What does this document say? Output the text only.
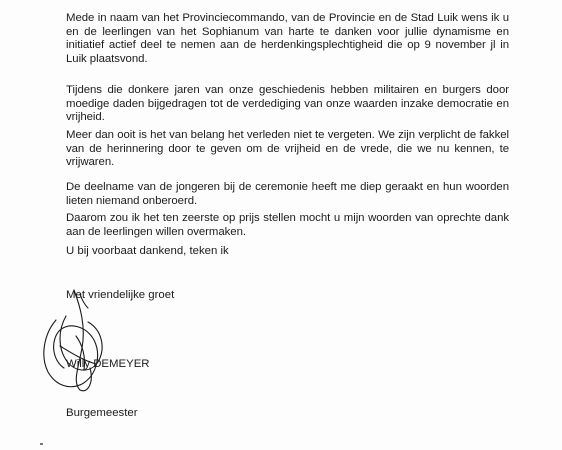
Mede in naam van het Provinciecommando, van de Provincie en de Stad Luik wens ik u en de leerlingen van het Sophianum van harte te danken voor jullie dynamisme en initiatief actief deel te nemen aan de herdenkingsplechtigheid die op 9 november jl in Luik plaatsvond.

Tijdens die donkere jaren van onze geschiedenis hebben militairen en burgers door moedige daden bijgedragen tot de verdediging van onze waarden inzake democratie en vrijheid.

Meer dan ooit is het van belang het verleden niet te vergeten. We zijn verplicht de fakkel van de herinnering door te geven om de vrijheid en de vrede, die we nu kennen, te vrijwaren.

De deelname van de jongeren bij de ceremonie heeft me diep geraakt en hun woorden lieten niemand onberoerd.

Daarom zou ik het ten zeerste op prijs stellen mocht u mijn woorden van oprechte dank aan de leerlingen willen overmaken.

U bij voorbaat dankend, teken ik

Met vriendelijke groet

Willy DEMEYER

Burgemeester
